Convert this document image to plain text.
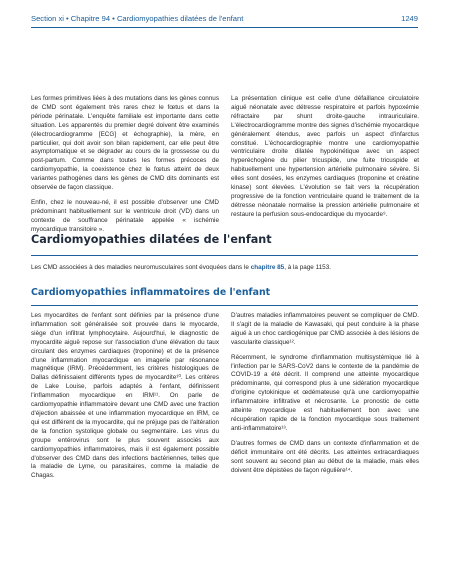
Section xi • Chapitre 94 • Cardiomyopathies dilatées de l'enfant	1249

Les formes primitives liées à des mutations dans les gènes connus de CMD sont également très rares chez le fœtus et dans la période périnatale. L'enquête familiale est importante dans cette situation. Les apparentés du premier degré doivent être examinés (électrocardiogramme [ECG] et échographie), la mère, en particulier, qui doit avoir son bilan rapidement, car elle peut être asymptomatique et se dégrader au cours de la grossesse ou du post-partum. Comme dans toutes les formes précoces de cardiomyopathie, la coexistence chez le fœtus atteint de deux variantes pathogènes dans les gènes de CMD dits dominants est observée de façon classique.

Enfin, chez le nouveau-né, il est possible d'observer une CMD prédominant habituellement sur le ventricule droit (VD) dans un contexte de souffrance périnatale appelée « ischémie myocardique transitoire ».

La présentation clinique est celle d'une défaillance circulatoire aiguë néonatale avec détresse respiratoire et parfois hypoxémie réfractaire par shunt droite-gauche intrauriculaire. L'électrocardiogramme montre des signes d'ischémie myocardique généralement étendus, avec parfois un aspect d'infarctus constitué. L'échocardiographie montre une cardiomyopathie ventriculaire droite dilatée hypokinétique avec un aspect hyperéchogène du pilier tricuspide, une fuite tricuspide et habituellement une hypertension artérielle pulmonaire sévère. Si elles sont dosées, les enzymes cardiaques (troponine et créatine kinase) sont élevées. L'évolution se fait vers la récupération progressive de la fonction ventriculaire quand le traitement de la détresse néonatale normalise la pression artérielle pulmonaire et restaure la perfusion sous-endocardique du myocarde⁹.

Cardiomyopathies dilatées de l'enfant
Les CMD associées à des maladies neuromusculaires sont évoquées dans le chapitre 85, à la page 1153.
Cardiomyopathies inflammatoires de l'enfant

Les myocardites de l'enfant sont définies par la présence d'une inflammation soit généralisée soit prouvée dans le myocarde, siège d'un infiltrat lymphocytaire. Aujourd'hui, le diagnostic de myocardite aiguë repose sur l'association d'une élévation du taux circulant des enzymes cardiaques (troponine) et de la présence d'une inflammation myocardique en imagerie par résonance magnétique (IRM). Précédemment, les critères histologiques de Dallas définissaient différents types de myocardite¹⁰. Les critères de Lake Louise, parfois adaptés à l'enfant, définissent l'inflammation myocardique en IRM¹¹. On parle de cardiomyopathie inflammatoire devant une CMD avec une fraction d'éjection abaissée et une inflammation myocardique en IRM, ce qui est différent de la myocardite, qui ne préjuge pas de l'altération de la fonction systolique globale ou segmentaire. Les virus du groupe entérovirus sont le plus souvent associés aux cardiomyopathies inflammatoires, mais il est également possible d'observer des CMD dans des infections bactériennes, telles que la maladie de Lyme, ou parasitaires, comme la maladie de Chagas.

D'autres maladies inflammatoires peuvent se compliquer de CMD. Il s'agit de la maladie de Kawasaki, qui peut conduire à la phase aiguë à un choc cardiogénique par CMD associée à des lésions de vascularite classique¹².

Récemment, le syndrome d'inflammation multisystémique lié à l'infection par le SARS-CoV2 dans le contexte de la pandémie de COVID-19 a été décrit. Il comprend une atteinte myocardique prédominante, qui correspond plus à une sidération myocardique d'origine cytokinique et œdémateuse qu'à une cardiomyopathie inflammatoire infiltrative et nécrosante. Le pronostic de cette atteinte myocardique est habituellement bon avec une récupération rapide de la fonction myocardique sous traitement anti-inflammatoire¹³.

D'autres formes de CMD dans un contexte d'inflammation et de déficit immunitaire ont été décrits. Les atteintes extracardiaques sont souvent au second plan au début de la maladie, mais elles doivent être dépistées de façon régulière¹⁴.
